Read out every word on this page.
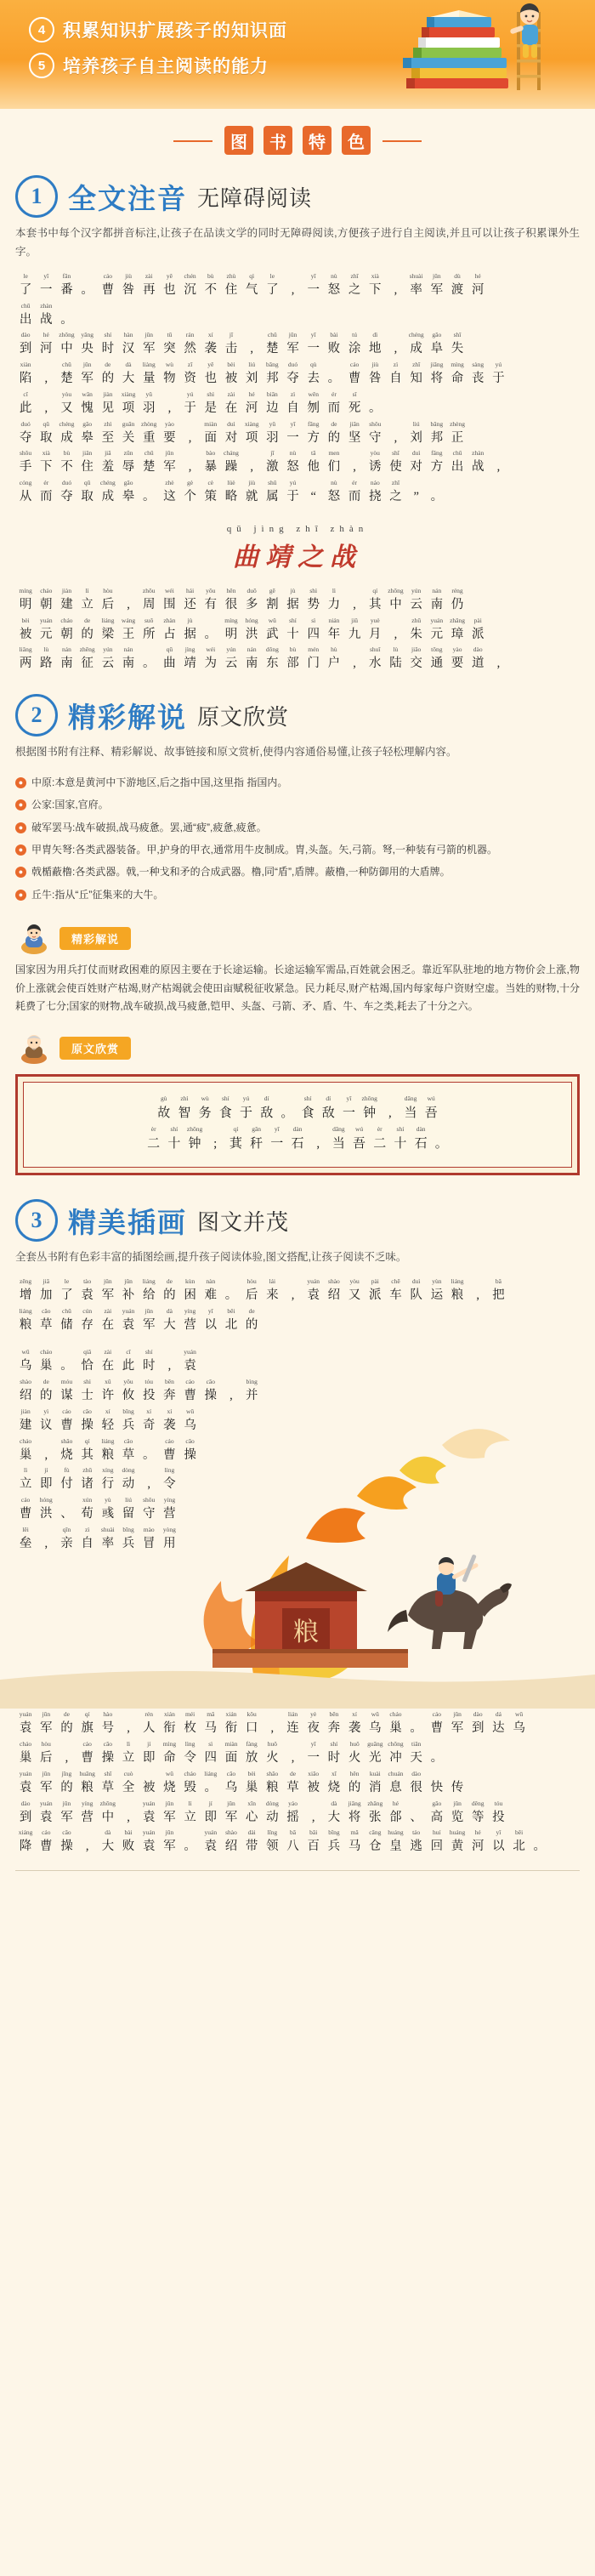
4 积累知识扩展孩子的知识面
5 培养孩子自主阅读的能力
图	书	特	色
1 全文注音 无障碍阅读
本套书中每个汉字都拼音标注,让孩子在品读文学的同时无障碍阅读,方便孩子进行自主阅读,并且可以让孩子积累课外生字。
le
了
yī
一
fān
番 。
cáo
曹
jiù
咎
zài
再
yě
也
chén
沉
bù
不
zhù
住
qì
气
le
了 ,
yī
一
nù
怒
zhī
之
xià
下 ,
shuài
率
jūn
军
dù
渡
hé
河
chū
出
zhàn
战 。
dào
到
hé
河
zhōng
中
yāng
央
shí
时
hàn
汉
jūn
军
tū
突
rán
然
xí
袭
jī
击 ,
chǔ
楚
jūn
军
yī
一
bài
败
tú
涂
dì
地 ,
chéng
成
gāo
阜
shī
失
xiàn
陷 ,
chǔ
楚
jūn
军
de
的
dà
大
liàng
量
wù
物
zī
资
yě
也
bèi
被
liú
刘
bāng
邦
duó
夺
qù
去 。
cáo
曹
jiù
咎
zì
自
zhī
知
jiāng
将
mìng
命
sàng
丧
yú
于
cǐ
此 ,
yòu
又
wǎn
愧
jiàn
见
xiàng
项
yǔ
羽 ,
yú
于
shì
是
zài
在
hé
河
biān
边
zì
自
wěn
刎
ér
而
sǐ
死 。
duó
夺
qǔ
取
chéng
成
gāo
皋
zhì
至
guān
关
zhòng
重
yào
要 ,
miàn
面
duì
对
xiàng
项
yǔ
羽
yī
一
fāng
方
de
的
jiān
坚
shǒu
守 ,
liú
刘
bāng
邦
zhèng
正
shǒu
手
xià
下
bù
不
jiǎn
住
jiā
羞
zūn
辱
chǔ
楚
jūn
军 ,
bào
暴
cháng
躁 ,
jī
激
nù
怒
tā
他
men
们 ,
yòu
诱
shǐ
使
duì
对
fāng
方
chū
出
zhàn
战 ,
cóng
从
ér
而
duó
夺
qǔ
取
chéng
成
gāo
皋 。
zhè
这
gè
个
cè
策
lüè
略
jiù
就
shǔ
属
yú
于 “
nù
怒
ér
而
náo
挠
zhī
之 ” 。
qū jìng zhī zhàn
曲靖之战
míng
明
cháo
朝
jiàn
建
lì
立
hòu
后 ,
zhōu
周
wéi
围
hái
还
yǒu
有
hěn
很
duō
多
gē
割
jù
据
shì
势
lì
力 ,
qí
其
zhōng
中
yún
云
nán
南
réng
仍
bèi
被
yuán
元
cháo
朝
de
的
liáng
梁
wáng
王
suǒ
所
zhàn
占
jù
据 。
míng
明
hóng
洪
wǔ
武
shí
十
sì
四
nián
年
jiǔ
九
yuè
月 ,
zhū
朱
yuán
元
zhāng
璋
pài
派
liǎng
两
lù
路
nán
南
zhēng
征
yún
云
nán
南 。
qū
曲
jìng
靖
wéi
为
yún
云
nán
南
dōng
东
bù
部
mén
门
hù
户 ,
shuǐ
水
lù
陆
jiāo
交
tōng
通
yào
要
dào
道 ,
2 精彩解说 原文欣赏
根据图书附有注释、精彩解说、故事链接和原文赏析,使得内容通俗易懂,让孩子轻松理解内容。
● 中原:本意是黄河中下游地区,后之指中国,这里指 指国内。
● 公家:国家,官府。
● 破军罢马:战车破损,战马疲惫。罢,通“疲”,疲惫,疲惫。
● 甲胄矢弩:各类武器装备。甲,护身的甲衣,通常用牛皮制成。胄,头盔。矢,弓箭。弩,一种装有弓箭的机器。
● 戟楯蔽橹:各类武器。戟,一种戈和矛的合成武器。橹,同“盾”,盾牌。蔽橹,一种防御用的大盾牌。
● 丘牛:指从“丘”征集来的大牛。
精彩解说
国家因为用兵打仗而财政困难的原因主要在于长途运输。长途运输军需品,百姓就会困乏。靠近军队驻地的地方物价会上涨,物价上涨就会使百姓财产枯竭,财产枯竭就会使田亩赋税征收紧急。民力耗尽,财产枯竭,国内每家每户资财空虚。当姓的财物,十分耗费了七分;国家的财物,战车破损,战马疲惫,铠甲、头盔、弓箭、矛、盾、牛、车之类,耗去了十分之六。
原文欣赏
gù
故
zhì
智
wù
务
shí
食
yú
于
dí
敌 。
shí
食
dí
敌
yī
一
zhōng
钟 ,
dāng
当
wú
吾
èr
二
shí
十
zhōng
钟 ;
qí
萁
gǎn
秆
yī
一
dàn
石 ,
dāng
当
wú
吾
èr
二
shí
十
dàn
石 。
3 精美插画 图文并茂
全套丛书附有色彩丰富的插图绘画,提升孩子阅读体验,图文搭配,让孩子阅读不乏味。
zēng
增
jiā
加
le
了
tào
袁
jūn
军
jūn
补
liáng
给
de
的
kùn
困
nàn
难 。
hòu
后
lái
来 ,
yuán
袁
shào
绍
yòu
又
pài
派
chē
车
duì
队
yùn
运
liáng
粮 ,
bǎ
把
liáng
粮
cǎo
草
chǔ
储
cún
存
zài
在
yuán
袁
jūn
军
dà
大
yíng
营
yǐ
以
běi
北
de
的
粮
wū
乌
cháo
巢 。
qiǎ
恰
zài
在
cǐ
此
shí
时 ,
yuán
袁
shào
绍
de
的
móu
谋
shì
士
xǔ
许
yōu
攸
tóu
投
bēn
奔
cáo
曹
cāo
操 ,
bìng
并
jiàn
建
yì
议
cáo
曹
cāo
操
xí
轻
bīng
兵
xí
奇
xí
袭
wū
乌
cháo
巢 ,
shāo
烧
qí
其
liáng
粮
cǎo
草 。
cáo
曹
cāo
操
lì
立
jí
即
fù
付
zhū
诸
xíng
行
dòng
动 ,
lìng
令
cáo
曹
hóng
洪 、
xún
荀
yù
彧
liú
留
shǒu
守
yíng
营
lěi
垒 ,
qīn
亲
zì
自
shuài
率
bīng
兵
mào
冒
yòng
用
yuán
袁
jūn
军
de
的
qí
旗
hào
号 ,
rén
人
xián
衔
méi
枚
mǎ
马
xián
衔
kǒu
口 ,
lián
连
yè
夜
bēn
奔
xí
袭
wū
乌
cháo
巢 。
cáo
曹
jūn
军
dào
到
dá
达
wū
乌
cháo
巢
hòu
后 ,
cáo
曹
cāo
操
lì
立
jí
即
mìng
命
lìng
令
sì
四
miàn
面
fàng
放
huǒ
火 ,
yī
一
shí
时
huǒ
火
guāng
光
chōng
冲
tiān
天 。
yuán
袁
jūn
军
jīng
的
huāng
粮
shī
草
cuò
全 被
wū
烧
cháo
毁
liáng
。
cǎo
乌
bèi
巢
shāo
粮
de
草
xiāo
被
xī
烧
hěn
的
kuài
消
chuán
息
dào
很 快 传
dào
到
yuán
袁
jūn
军
yíng
营
zhōng
中 ,
yuán
袁
jūn
军
lì
立
jí
即
jūn
军
xīn
心
dòng
动
yáo
摇 ,
dà
大
jiāng
将
zhāng
张
hé
郃 、
gāo
高
jūn
览
děng
等
tóu
投
xiáng
降
cáo
曹
cāo
操 ,
dà
大
bài
败
yuán
袁
jūn
军 。
yuán
袁
shào
绍
dài
带
lǐng
领
bā
八
bǎi
百
bīng
兵
mǎ
马
cāng
仓
huáng
皇
táo
逃
huí
回
huáng
黄
hé
河
yǐ
以
běi
北 。
